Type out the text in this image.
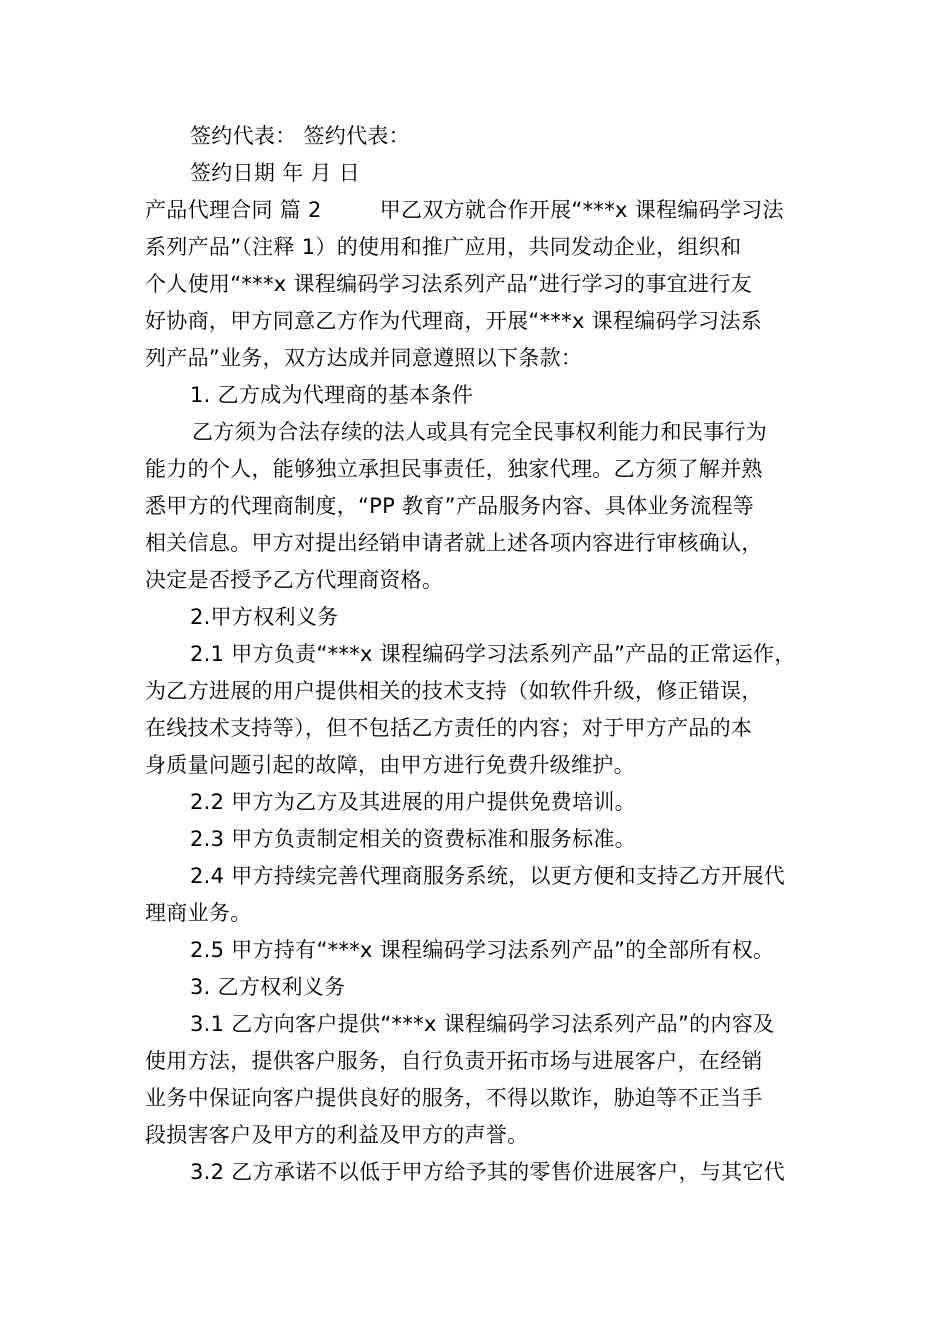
签约代表： 签约代表：
签约日期 年 月 日
产品代理合同 篇 2	甲乙双方就合作开展“***x 课程编码学习法
系列产品”（注释 1）的使用和推广应用，共同发动企业，组织和
个人使用“***x 课程编码学习法系列产品”进行学习的事宜进行友
好协商，甲方同意乙方作为代理商，开展“***x 课程编码学习法系
列产品”业务，双方达成并同意遵照以下条款：
1. 乙方成为代理商的基本条件
乙方须为合法存续的法人或具有完全民事权利能力和民事行为
能力的个人，能够独立承担民事责任，独家代理。乙方须了解并熟
悉甲方的代理商制度，“PP 教育”产品服务内容、具体业务流程等
相关信息。甲方对提出经销申请者就上述各项内容进行审核确认，
决定是否授予乙方代理商资格。
2.甲方权利义务
2.1 甲方负责“***x 课程编码学习法系列产品”产品的正常运作，
为乙方进展的用户提供相关的技术支持（如软件升级，修正错误，
在线技术支持等），但不包括乙方责任的内容；对于甲方产品的本
身质量问题引起的故障，由甲方进行免费升级维护。
2.2 甲方为乙方及其进展的用户提供免费培训。
2.3 甲方负责制定相关的资费标准和服务标准。
2.4 甲方持续完善代理商服务系统，以更方便和支持乙方开展代
理商业务。
2.5 甲方持有“***x 课程编码学习法系列产品”的全部所有权。
3. 乙方权利义务
3.1 乙方向客户提供“***x 课程编码学习法系列产品”的内容及
使用方法，提供客户服务，自行负责开拓市场与进展客户，在经销
业务中保证向客户提供良好的服务，不得以欺诈，胁迫等不正当手
段损害客户及甲方的利益及甲方的声誉。
3.2 乙方承诺不以低于甲方给予其的零售价进展客户，与其它代
